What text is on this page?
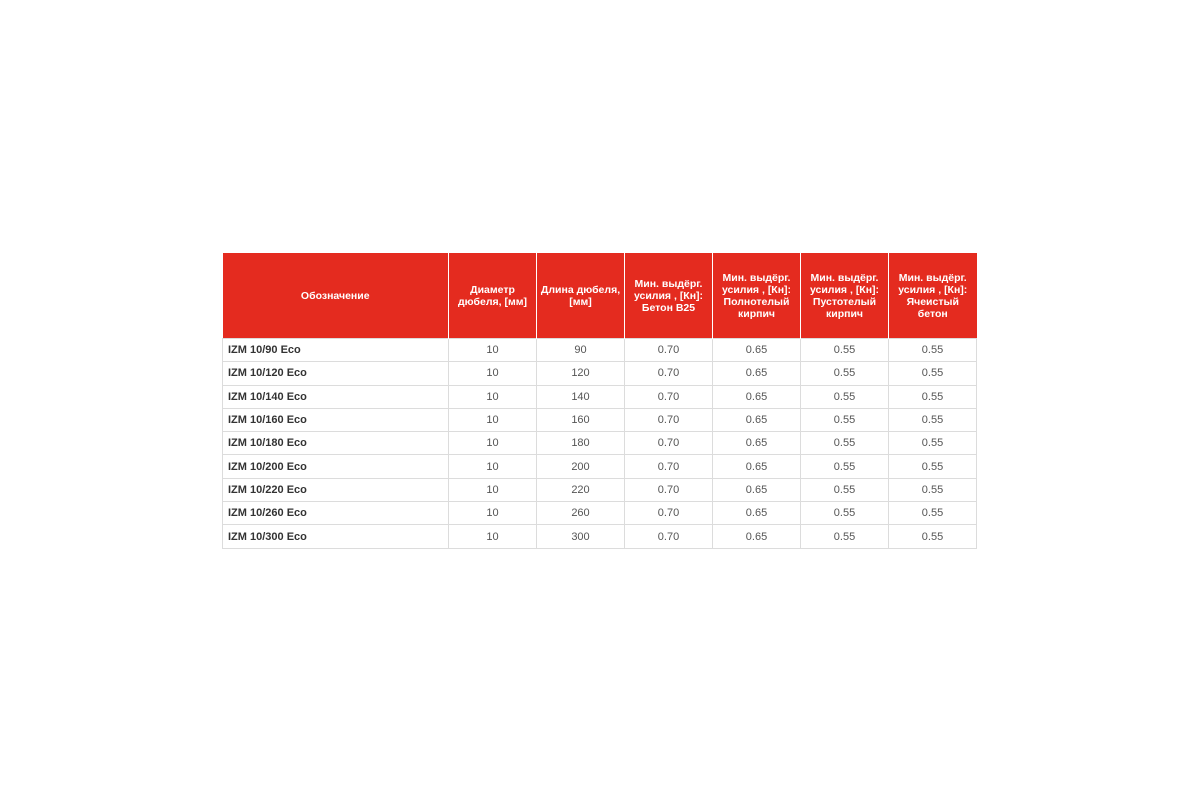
Обозначение	Диаметр дюбеля, [мм]	Длина дюбеля, [мм]	Мин. выдёрг. усилия , [Кн]: Бетон B25	Мин. выдёрг. усилия , [Кн]: Полнотелый кирпич	Мин. выдёрг. усилия , [Кн]: Пустотелый кирпич	Мин. выдёрг. усилия , [Кн]: Ячеистый бетон
IZM 10/90 Eco	10	90	0.70	0.65	0.55	0.55
IZM 10/120 Eco	10	120	0.70	0.65	0.55	0.55
IZM 10/140 Eco	10	140	0.70	0.65	0.55	0.55
IZM 10/160 Eco	10	160	0.70	0.65	0.55	0.55
IZM 10/180 Eco	10	180	0.70	0.65	0.55	0.55
IZM 10/200 Eco	10	200	0.70	0.65	0.55	0.55
IZM 10/220 Eco	10	220	0.70	0.65	0.55	0.55
IZM 10/260 Eco	10	260	0.70	0.65	0.55	0.55
IZM 10/300 Eco	10	300	0.70	0.65	0.55	0.55
